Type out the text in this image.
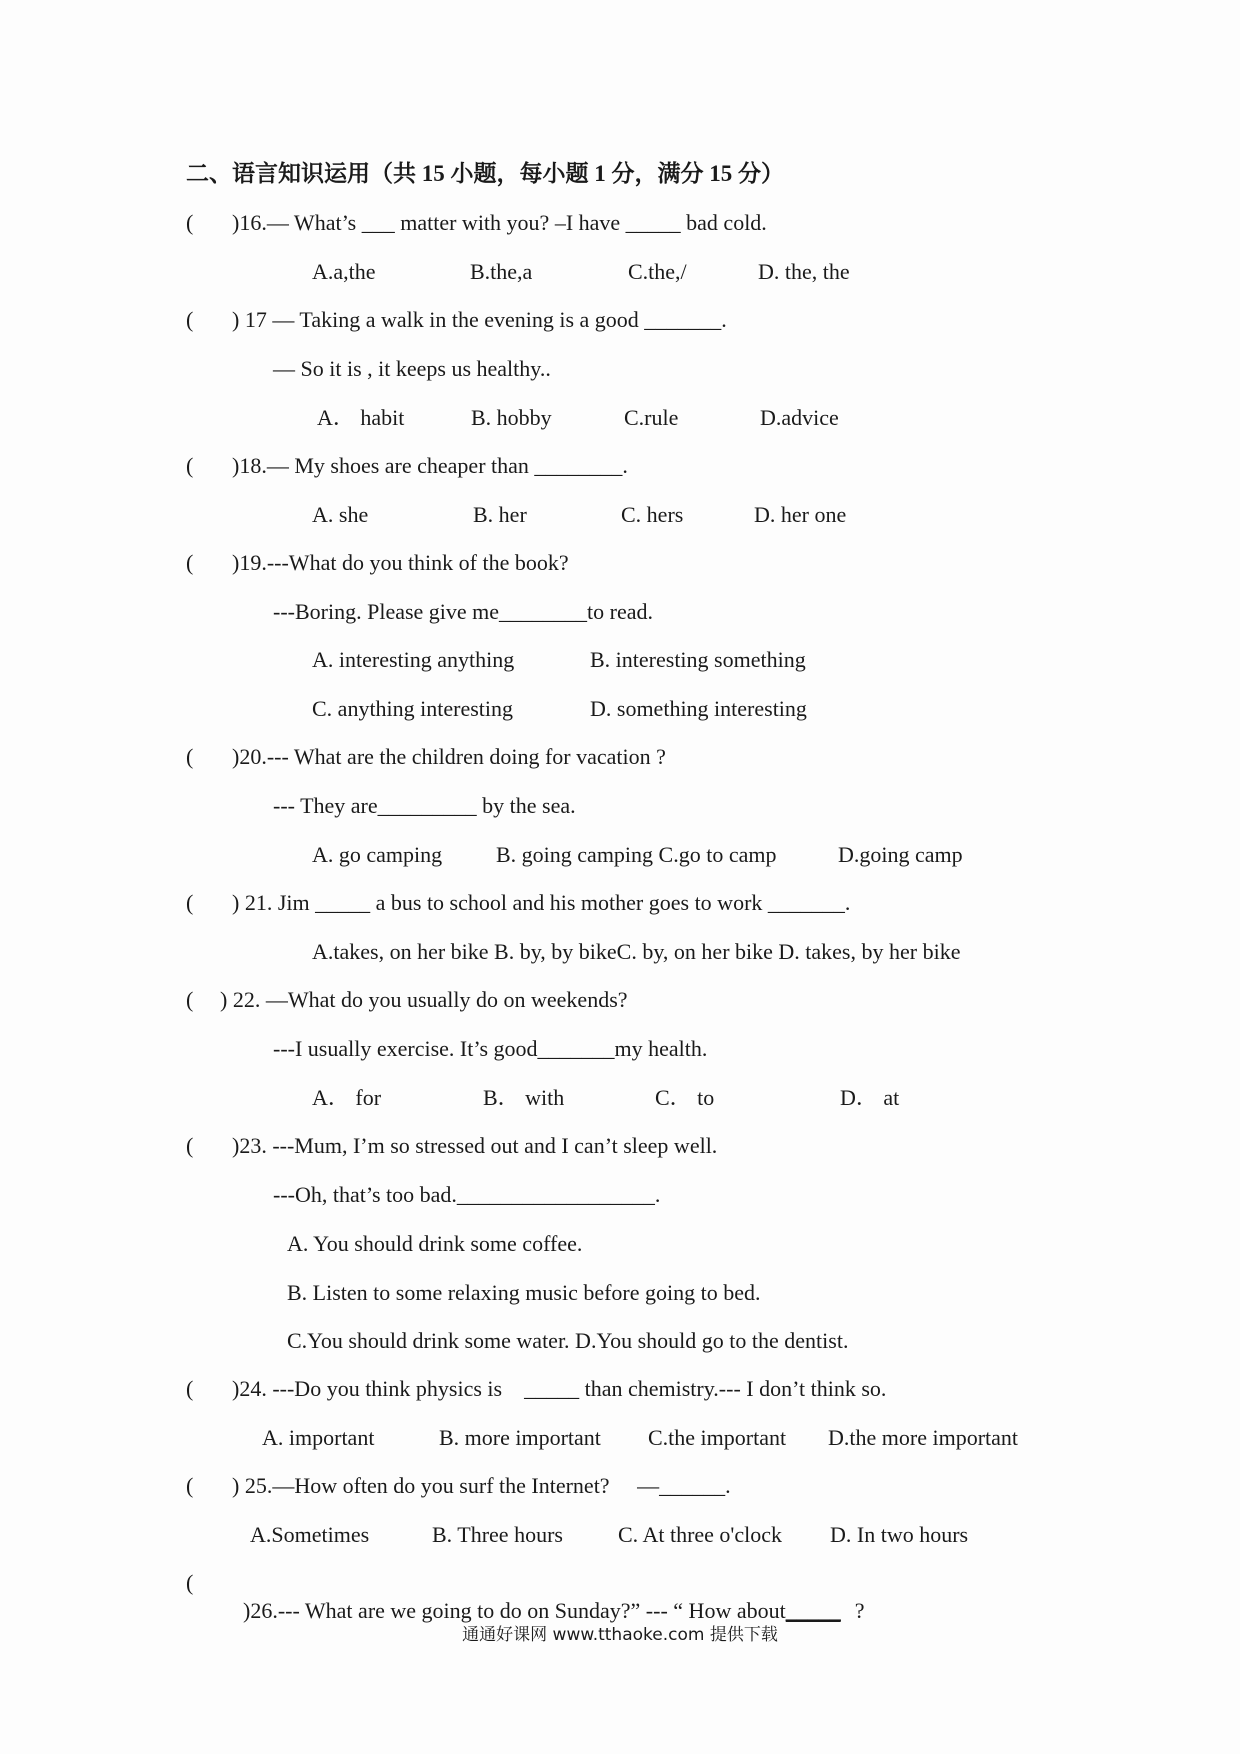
二、语言知识运用（共 15 小题，每小题 1 分，满分 15 分）
( )16.— What’s ___ matter with you? –I have _____ bad cold.
A.a,the	B.the,a	C.the,/	D. the, the
( ) 17 — Taking a walk in the evening is a good _______.
— So it is , it keeps us healthy..
A． habit	B. hobby	C.rule	D.advice
( )18.— My shoes are cheaper than ________.
A. she	B. her	C. hers	D. her one
( )19.---What do you think of the book?
---Boring. Please give me________to read.
A. interesting anything	B. interesting something
C. anything interesting	D. something interesting
( )20.--- What are the children doing for vacation ?
--- They are_________ by the sea.
A. go camping B. going camping C.go to camp	D.going camp
( ) 21. Jim _____ a bus to school and his mother goes to work _______.
A.takes, on her bike B. by, by bikeC. by, on her bike D. takes, by her bike
( ) 22. —What do you usually do on weekends?
---I usually exercise. It’s good_______my health.
A． for	B． with	C． to	D． at
( )23. ---Mum, I’m so stressed out and I can’t sleep well.
---Oh, that’s too bad.__________________.
A. You should drink some coffee.
B. Listen to some relaxing music before going to bed.
C.You should drink some water. D.You should go to the dentist.
( )24. ---Do you think physics is    _____ than chemistry.--- I don’t think so.
A. important	B. more important C.the important D.the more important
( ) 25.—How often do you surf the Internet?     —______.
A.Sometimes	B. Three hours	C. At three o'clock D. In two hours
(

)26.--- What are we going to do on Sunday?” --- “ How about_____ ?

通通好课网 www.tthaoke.com 提供下载
